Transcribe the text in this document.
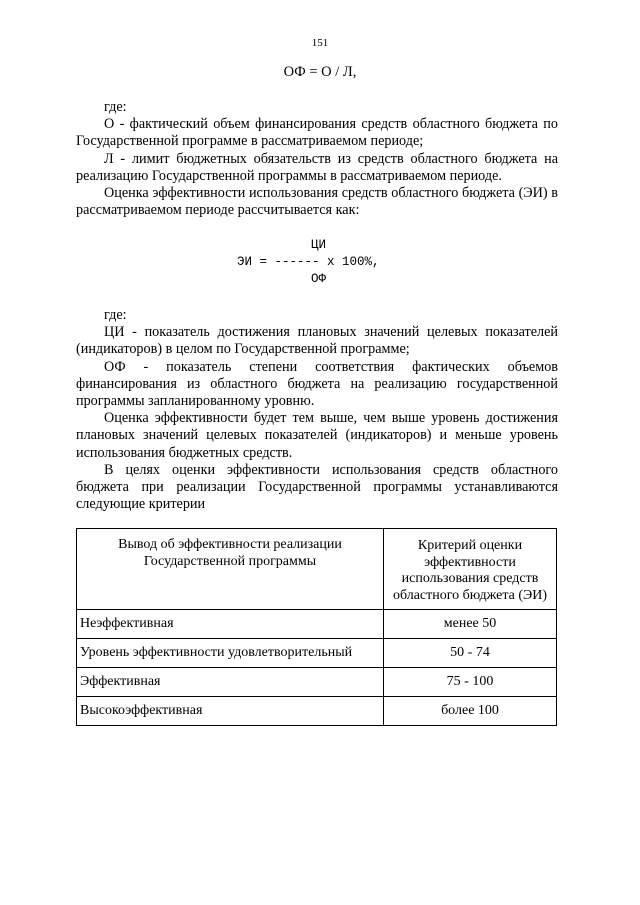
151
ОФ = О / Л,

где:

О - фактический объем финансирования средств областного бюджета по Государственной программе в рассматриваемом периоде;

Л - лимит бюджетных обязательств из средств областного бюджета на реализацию Государственной программы в рассматриваемом периоде.

Оценка эффективности использования средств областного бюджета (ЭИ) в рассматриваемом периоде рассчитывается как:

ЦИ
ЭИ = ------ х 100%,
ОФ

где:

ЦИ - показатель достижения плановых значений целевых показателей (индикаторов) в целом по Государственной программе;

ОФ - показатель степени соответствия фактических объемов финансирования из областного бюджета на реализацию государственной программы запланированному уровню.

Оценка эффективности будет тем выше, чем выше уровень достижения плановых значений целевых показателей (индикаторов) и меньше уровень использования бюджетных средств.

В целях оценки эффективности использования средств областного бюджета при реализации Государственной программы устанавливаются следующие критерии

Вывод об эффективности реализации Государственной программы	Критерий оценки эффективности использования средств областного бюджета (ЭИ)
Неэффективная	менее 50
Уровень эффективности удовлетворительный	50 - 74
Эффективная	75 - 100
Высокоэффективная	более 100
